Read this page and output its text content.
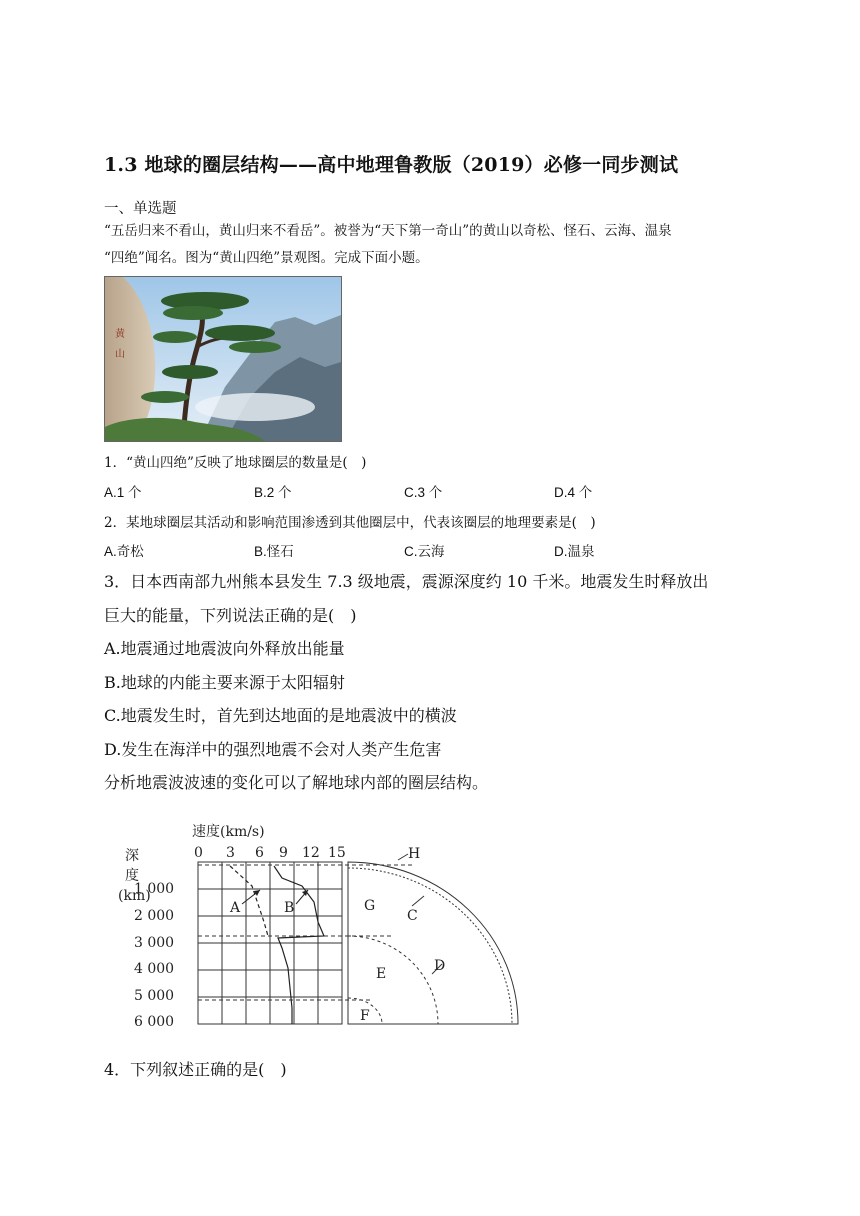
1.3 地球的圈层结构——高中地理鲁教版（2019）必修一同步测试
一、单选题
“五岳归来不看山，黄山归来不看岳”。被誉为“天下第一奇山”的黄山以奇松、怪石、云海、温泉
“四绝”闻名。图为“黄山四绝”景观图。完成下面小题。
黄
山
1．“黄山四绝”反映了地球圈层的数量是(　)
A.1 个	B.2 个	C.3 个	D.4 个
2．某地球圈层其活动和影响范围渗透到其他圈层中，代表该圈层的地理要素是(　)
A.奇松	B.怪石	C.云海	D.温泉
3．日本西南部九州熊本县发生 7.3 级地震，震源深度约 10 千米。地震发生时释放出
巨大的能量，下列说法正确的是(　)
A.地震通过地震波向外释放出能量
B.地球的内能主要来源于太阳辐射
C.地震发生时，首先到达地面的是地震波中的横波
D.发生在海洋中的强烈地震不会对人类产生危害
分析地震波波速的变化可以了解地球内部的圈层结构。
速度(km/s)
深
度
(km)
0 3 6 9 12 15
1 000
2 000
3 000
4 000
5 000
6 000
A	B
H
G
C
E	D
F
4．下列叙述正确的是(　)
